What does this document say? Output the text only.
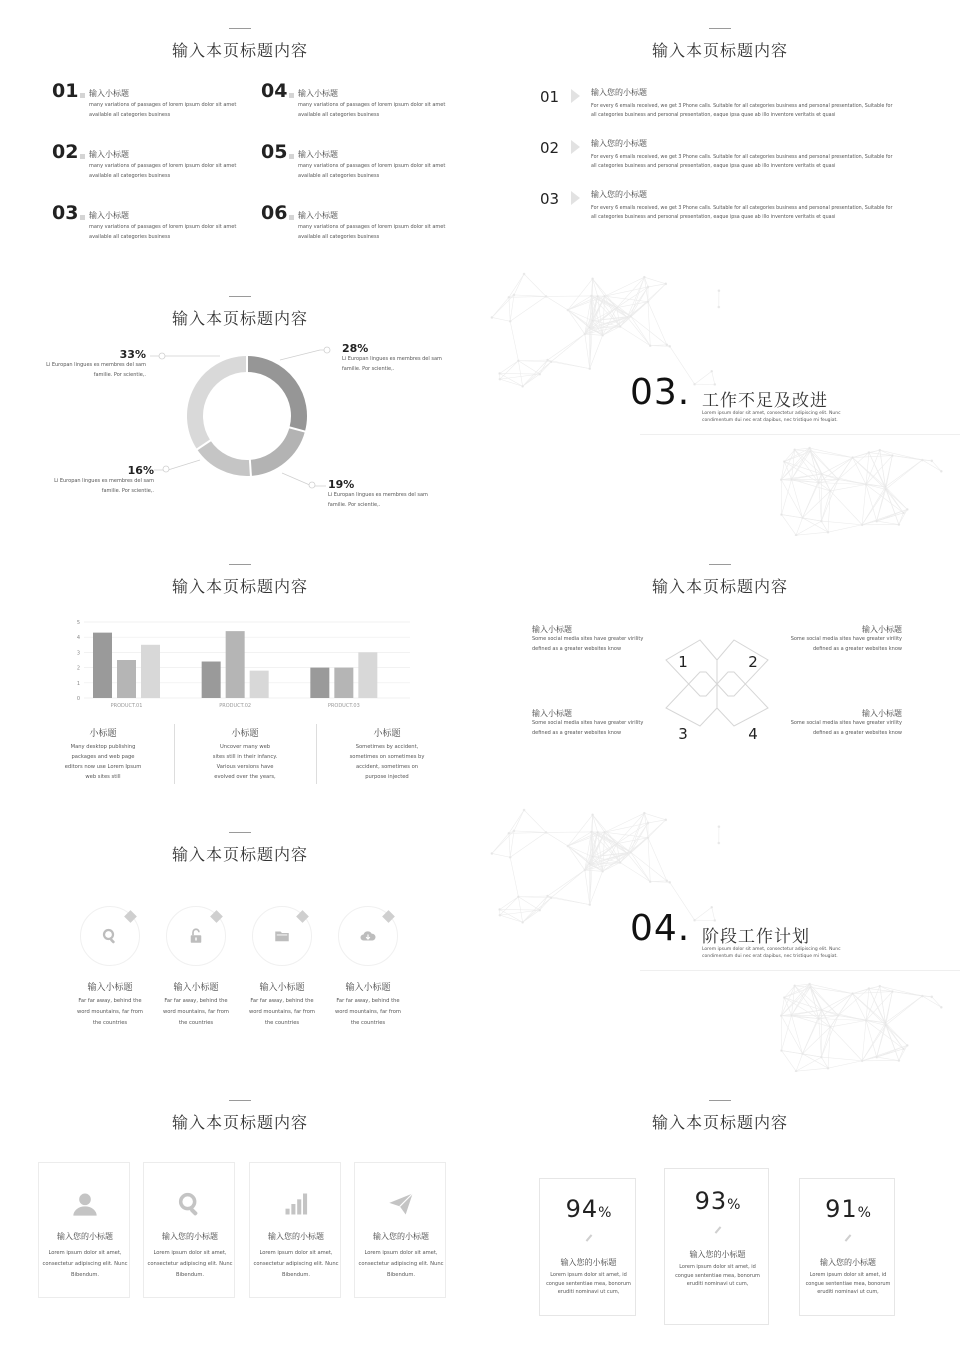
输入本页标题内容
01 输入小标题
many variations of passages of lorem ipsum dolor sit amet
available all categories business
02 输入小标题
many variations of passages of lorem ipsum dolor sit amet
available all categories business
03 输入小标题
many variations of passages of lorem ipsum dolor sit amet
available all categories business
04 输入小标题
many variations of passages of lorem ipsum dolor sit amet
available all categories business
05 输入小标题
many variations of passages of lorem ipsum dolor sit amet
available all categories business
06 输入小标题
many variations of passages of lorem ipsum dolor sit amet
available all categories business
输入本页标题内容
01	输入您的小标题
For every 6 emails received, we get 3 Phone calls. Suitable for all categories business and personal presentation, Suitable for
all categories business and personal presentation, eaque ipsa quae ab illo inventore veritatis et quasi
02	输入您的小标题
For every 6 emails received, we get 3 Phone calls. Suitable for all categories business and personal presentation, Suitable for
all categories business and personal presentation, eaque ipsa quae ab illo inventore veritatis et quasi
03	输入您的小标题
For every 6 emails received, we get 3 Phone calls. Suitable for all categories business and personal presentation, Suitable for
all categories business and personal presentation, eaque ipsa quae ab illo inventore veritatis et quasi
输入本页标题内容
33%
Li Europan lingues es membres del sam
familie. Por scientie,.
28%
Li Europan lingues es membres del sam
familie. Por scientie,.
16%
Li Europan lingues es membres del sam
familie. Por scientie,.	19%
Li Europan lingues es membres del sam
familie. Por scientie,.
03. 工作不足及改进
Lorem ipsum dolor sit amet, consectetur adipiscing elit. Nunc
condimentum dui nec erat dapibus, nec tristique mi feugiat.
输入本页标题内容
0
1
2
3
4
5
PRODUCT.01	PRODUCT.02	PRODUCT.03
小标题
Many desktop publishing
packages and web page
editors now use Lorem Ipsum
web sites still
小标题
Uncover many web
sites still in their infancy.
Various versions have
evolved over the years,
小标题
Sometimes by accident,
sometimes on sometimes by
accident, sometimes on
purpose injected
输入本页标题内容
1	2
3	4
输入小标题
Some social media sites have greater virility
defined as a greater websites know
输入小标题
Some social media sites have greater virility
defined as a greater websites know
输入小标题
Some social media sites have greater virility
defined as a greater websites know
输入小标题
Some social media sites have greater virility
defined as a greater websites know
输入本页标题内容
输入小标题
Far far away, behind the
word mountains, far from
the countries
输入小标题
Far far away, behind the
word mountains, far from
the countries
输入小标题
Far far away, behind the
word mountains, far from
the countries
输入小标题
Far far away, behind the
word mountains, far from
the countries
04. 阶段工作计划
Lorem ipsum dolor sit amet, consectetur adipiscing elit. Nunc
condimentum dui nec erat dapibus, nec tristique mi feugiat.
输入本页标题内容
输入您的小标题
Lorem ipsum dolor sit amet,
consectetur adipiscing elit. Nunc
Bibendum.
输入您的小标题
Lorem ipsum dolor sit amet,
consectetur adipiscing elit. Nunc
Bibendum.
输入您的小标题
Lorem ipsum dolor sit amet,
consectetur adipiscing elit. Nunc
Bibendum.
输入您的小标题
Lorem ipsum dolor sit amet,
consectetur adipiscing elit. Nunc
Bibendum.
输入本页标题内容
94%
输入您的小标题
Lorem ipsum dolor sit amet, id
congue sententiae mea, bonorum
eruditi nominavi ut cum,
93%
输入您的小标题
Lorem ipsum dolor sit amet, id
congue sententiae mea, bonorum
eruditi nominavi ut cum,
91%
输入您的小标题
Lorem ipsum dolor sit amet, id
congue sententiae mea, bonorum
eruditi nominavi ut cum,
